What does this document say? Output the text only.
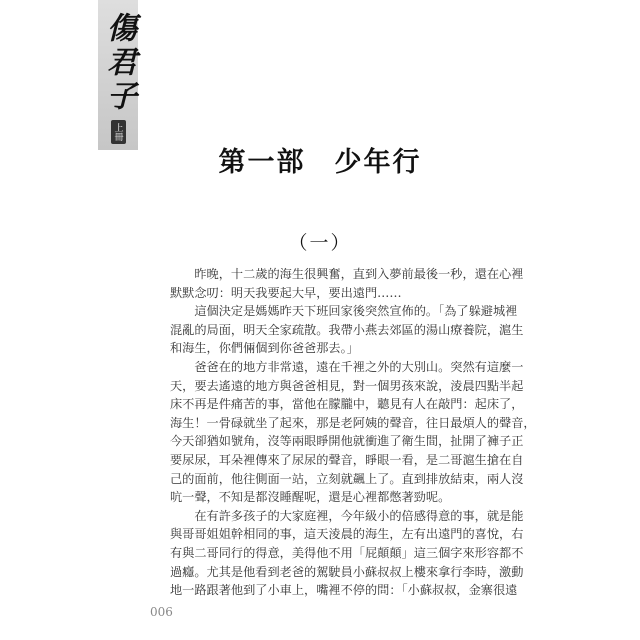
傷君子
上冊
第一部　少年行
（一）
　　昨晚，十二歲的海生很興奮，直到入夢前最後一秒，還在心裡
默默念叨：明天我要起大早，要出遠門……
　　這個決定是媽媽昨天下班回家後突然宣佈的。「為了躲避城裡
混亂的局面，明天全家疏散。我帶小燕去郊區的湯山療養院，滬生
和海生，你們倆個到你爸爸那去。」
　　爸爸在的地方非常遠，遠在千裡之外的大別山。突然有這麼一
天，要去遙遠的地方與爸爸相見，對一個男孩來說，淩晨四點半起
床不再是件痛苦的事，當他在朦朧中，聽見有人在敲門：起床了，
海生！一骨碌就坐了起來，那是老阿姨的聲音，往日最煩人的聲音，
今天卻猶如號角，沒等兩眼睜開他就衝進了衛生間，扯開了褲子正
要尿尿，耳朵裡傳來了尿尿的聲音，睜眼一看，是二哥滬生搶在自
己的面前，他往側面一站，立刻就飆上了。直到排放結束，兩人沒
吭一聲，不知是都沒睡醒呢，還是心裡都憋著勁呢。
　　在有許多孩子的大家庭裡，今年級小的倍感得意的事，就是能
與哥哥姐姐幹相同的事，這天淩晨的海生，左有出遠門的喜悅，右
有與二哥同行的得意，美得他不用「屁顛顛」這三個字來形容都不
過癮。尤其是他看到老爸的駕駛員小蘇叔叔上樓來拿行李時，激動
地一路跟著他到了小車上，嘴裡不停的問：「小蘇叔叔，金寨很遠
006
